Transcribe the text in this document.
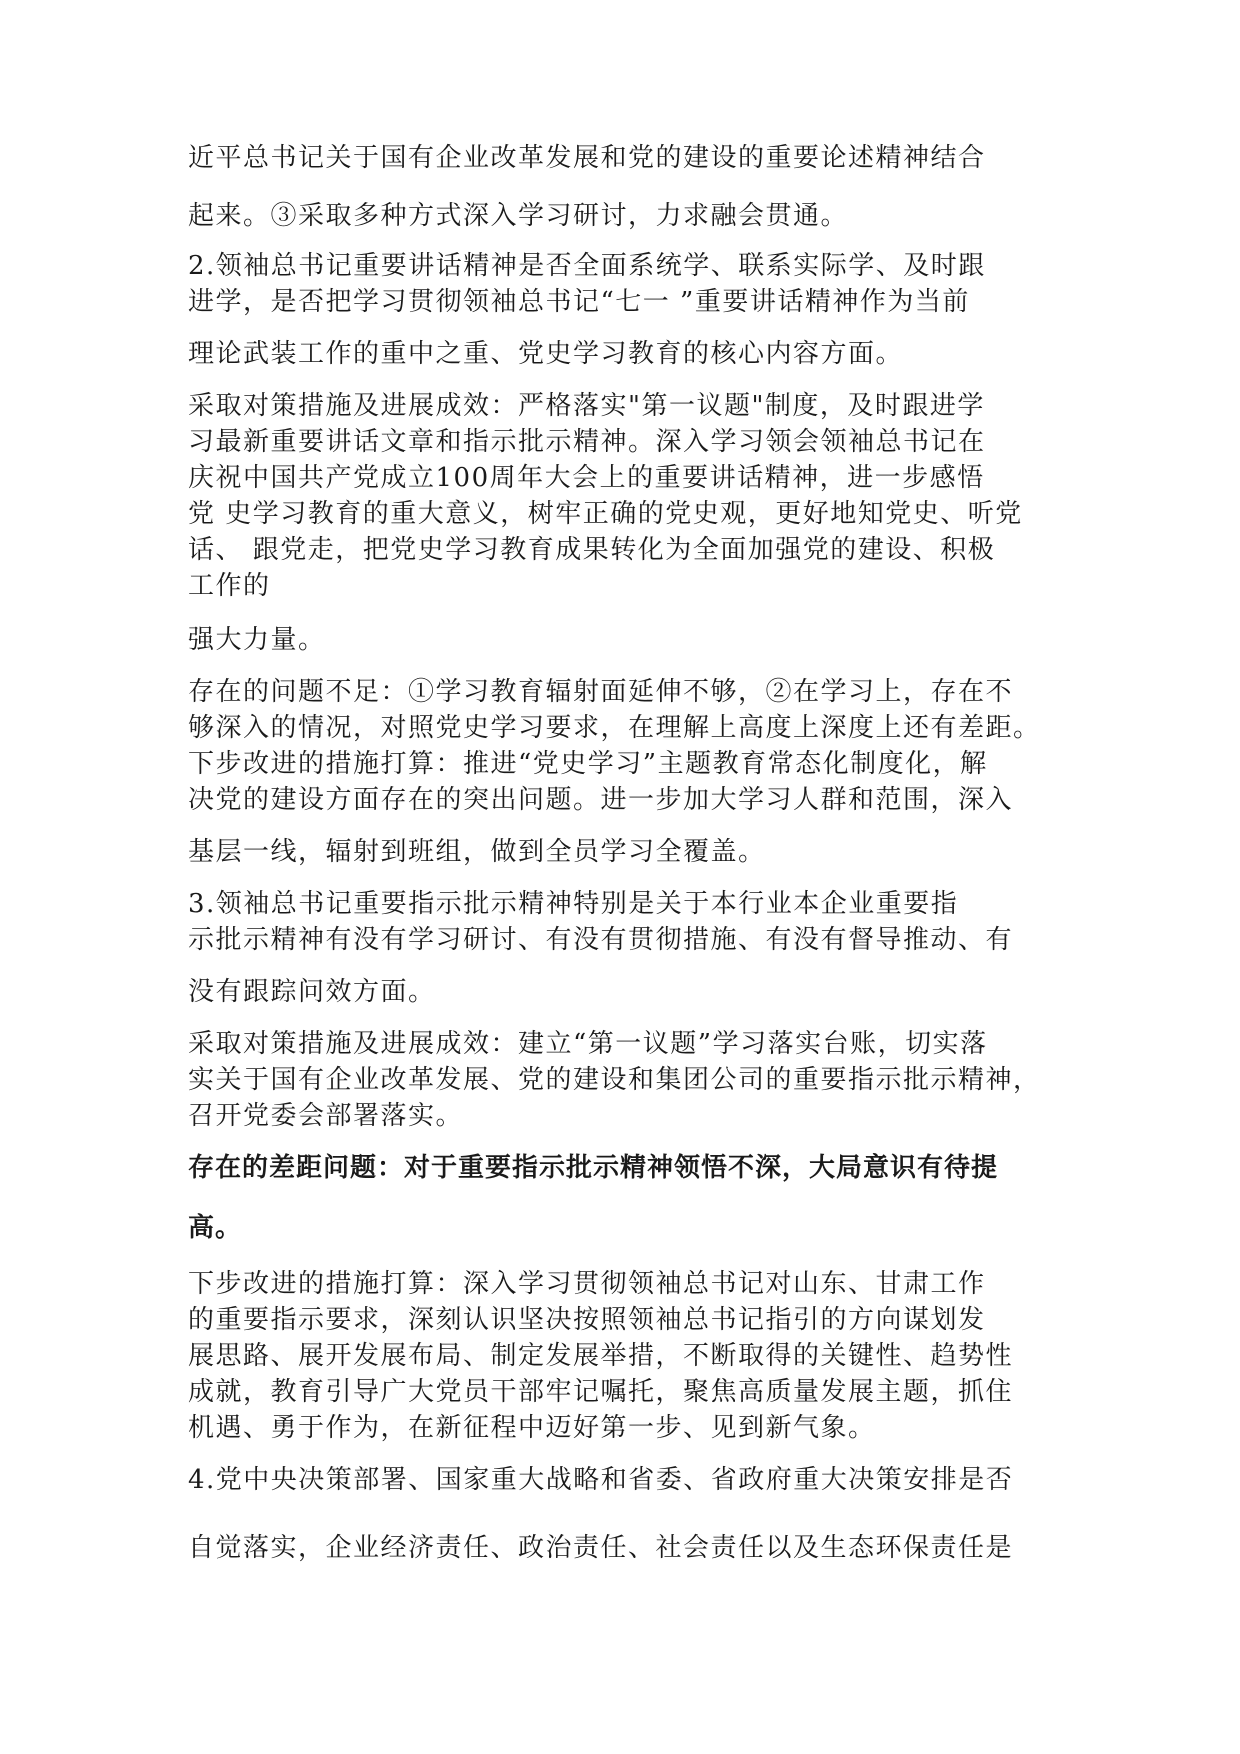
近平总书记关于国有企业改革发展和党的建设的重要论述精神结合

起来。③采取多种方式深入学习研讨，力求融会贯通。

2.领袖总书记重要讲话精神是否全面系统学、联系实际学、及时跟

进学，是否把学习贯彻领袖总书记“七一 ”重要讲话精神作为当前

理论武装工作的重中之重、党史学习教育的核心内容方面。

采取对策措施及进展成效：严格落实"第一议题"制度，及时跟进学

习最新重要讲话文章和指示批示精神。深入学习领会领袖总书记在

庆祝中国共产党成立100周年大会上的重要讲话精神，进一步感悟

党 史学习教育的重大意义，树牢正确的党史观，更好地知党史、听党

话、 跟党走，把党史学习教育成果转化为全面加强党的建设、积极

工作的

强大力量。

存在的问题不足：①学习教育辐射面延伸不够，②在学习上，存在不

够深入的情况，对照党史学习要求，在理解上高度上深度上还有差距。

下步改进的措施打算：推进“党史学习”主题教育常态化制度化，解

决党的建设方面存在的突出问题。进一步加大学习人群和范围，深入

基层一线，辐射到班组，做到全员学习全覆盖。

3.领袖总书记重要指示批示精神特别是关于本行业本企业重要指

示批示精神有没有学习研讨、有没有贯彻措施、有没有督导推动、有

没有跟踪问效方面。

采取对策措施及进展成效：建立“第一议题”学习落实台账，切实落

实关于国有企业改革发展、党的建设和集团公司的重要指示批示精神，

召开党委会部署落实。

存在的差距问题：对于重要指示批示精神领悟不深，大局意识有待提

高。

下步改进的措施打算：深入学习贯彻领袖总书记对山东、甘肃工作

的重要指示要求，深刻认识坚决按照领袖总书记指引的方向谋划发

展思路、展开发展布局、制定发展举措，不断取得的关键性、趋势性

成就，教育引导广大党员干部牢记嘱托，聚焦高质量发展主题，抓住

机遇、勇于作为，在新征程中迈好第一步、见到新气象。

4.党中央决策部署、国家重大战略和省委、省政府重大决策安排是否

自觉落实，企业经济责任、政治责任、社会责任以及生态环保责任是
